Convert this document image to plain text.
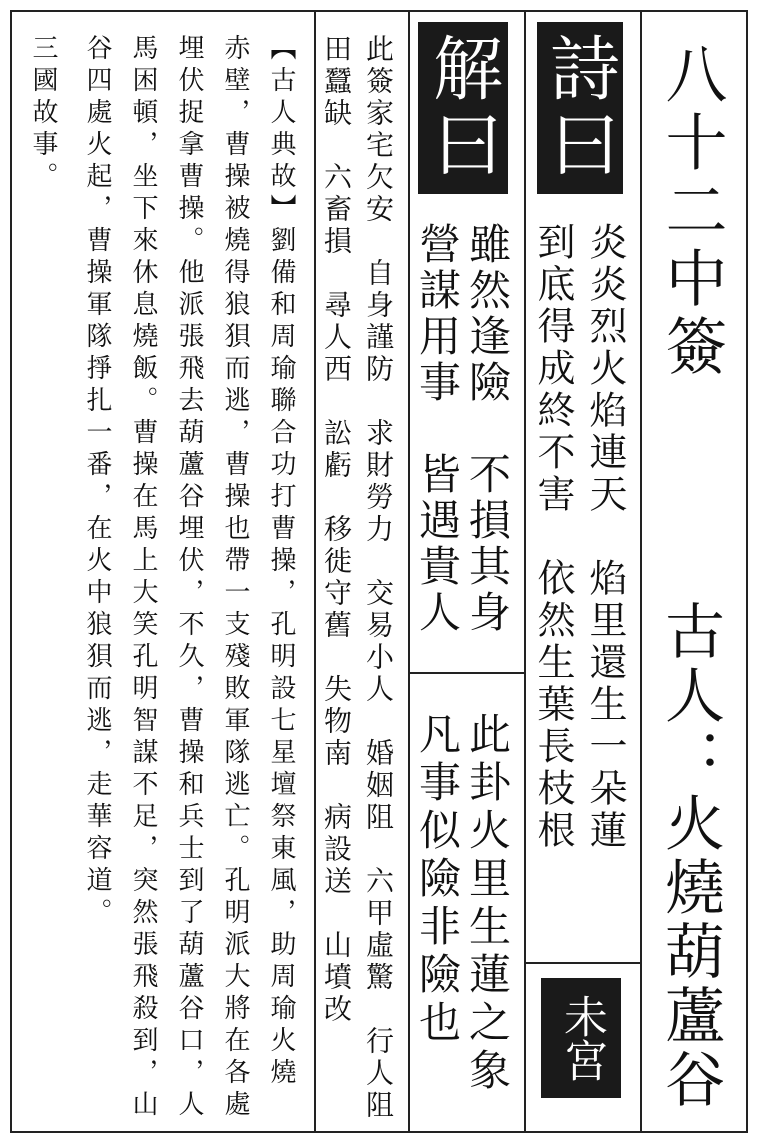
八十二中簽
古人：火燒葫蘆谷
詩曰
炎炎烈火焰連天　焰里還生一朵蓮
到底得成終不害　依然生葉長枝根
未宮
解曰
雖然逢險　不損其身
營謀用事　皆遇貴人
此卦火里生蓮之象
凡事似險非險也
此簽家宅欠安　自身謹防　求財勞力　交易小人　婚姻阻　六甲虛驚　行人阻
田蠶缺　六畜損　尋人西　訟虧　移徙守舊　失物南　病設送　山墳改
【古人典故】劉備和周瑜聯合功打曹操，孔明設七星壇祭東風，助周瑜火燒
赤壁，曹操被燒得狼狽而逃，曹操也帶一支殘敗軍隊逃亡。孔明派大將在各處
埋伏捉拿曹操。他派張飛去葫蘆谷埋伏，不久，曹操和兵士到了葫蘆谷口，人
馬困頓，坐下來休息燒飯。曹操在馬上大笑孔明智謀不足，突然張飛殺到，山
谷四處火起，曹操軍隊掙扎一番，在火中狼狽而逃，走華容道。
三國故事。
